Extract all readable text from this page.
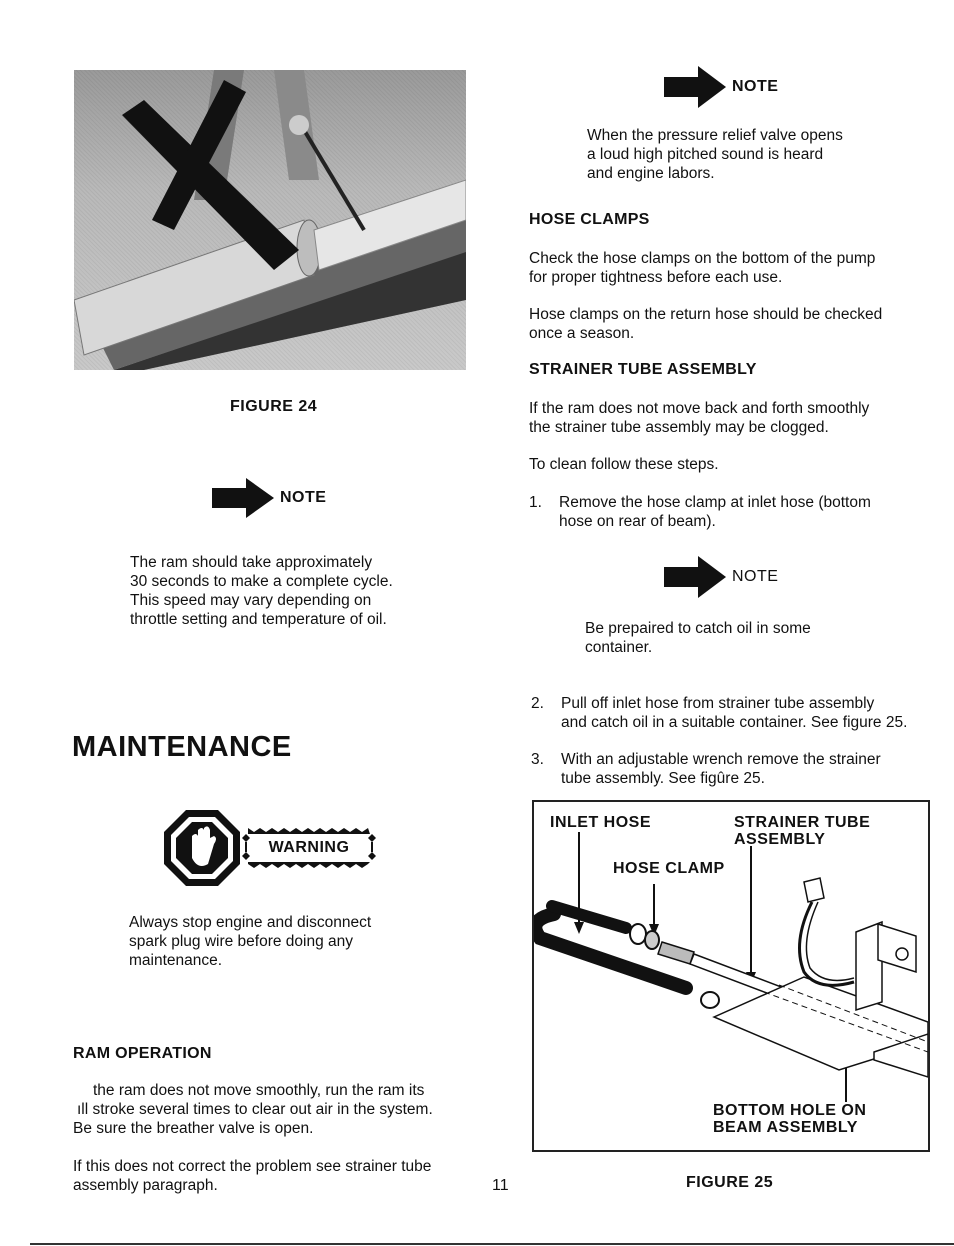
FIGURE 24
NOTE
The ram should take approximately
30 seconds to make a complete cycle.
This speed may vary depending on
throttle setting and temperature of oil.
MAINTENANCE
WARNING
Always stop engine and disconnect
spark plug wire before doing any
maintenance.
RAM OPERATION
the ram does not move smoothly, run the ram its
ıll stroke several times to clear out air in the system.
Be sure the breather valve is open.
If this does not correct the problem see strainer tube
assembly paragraph.	11
NOTE
When the pressure relief valve opens
a loud high pitched sound is heard
and engine labors.
HOSE CLAMPS
Check the hose clamps on the bottom of the pump
for proper tightness before each use.
Hose clamps on the return hose should be checked
once a season.
STRAINER TUBE ASSEMBLY
If the ram does not move back and forth smoothly
the strainer tube assembly may be clogged.
To clean follow these steps.
1.	Remove the hose clamp at inlet hose (bottom
hose on rear of beam).
NOTE
Be prepaired to catch oil in some
container.
2.	Pull off inlet hose from strainer tube assembly
and catch oil in a suitable container. See figure 25.
3.	With an adjustable wrench remove the strainer
tube assembly. See figûre 25.
INLET HOSE	STRAINER TUBE
ASSEMBLY
HOSE CLAMP
BOTTOM HOLE ON
BEAM ASSEMBLY
FIGURE 25
